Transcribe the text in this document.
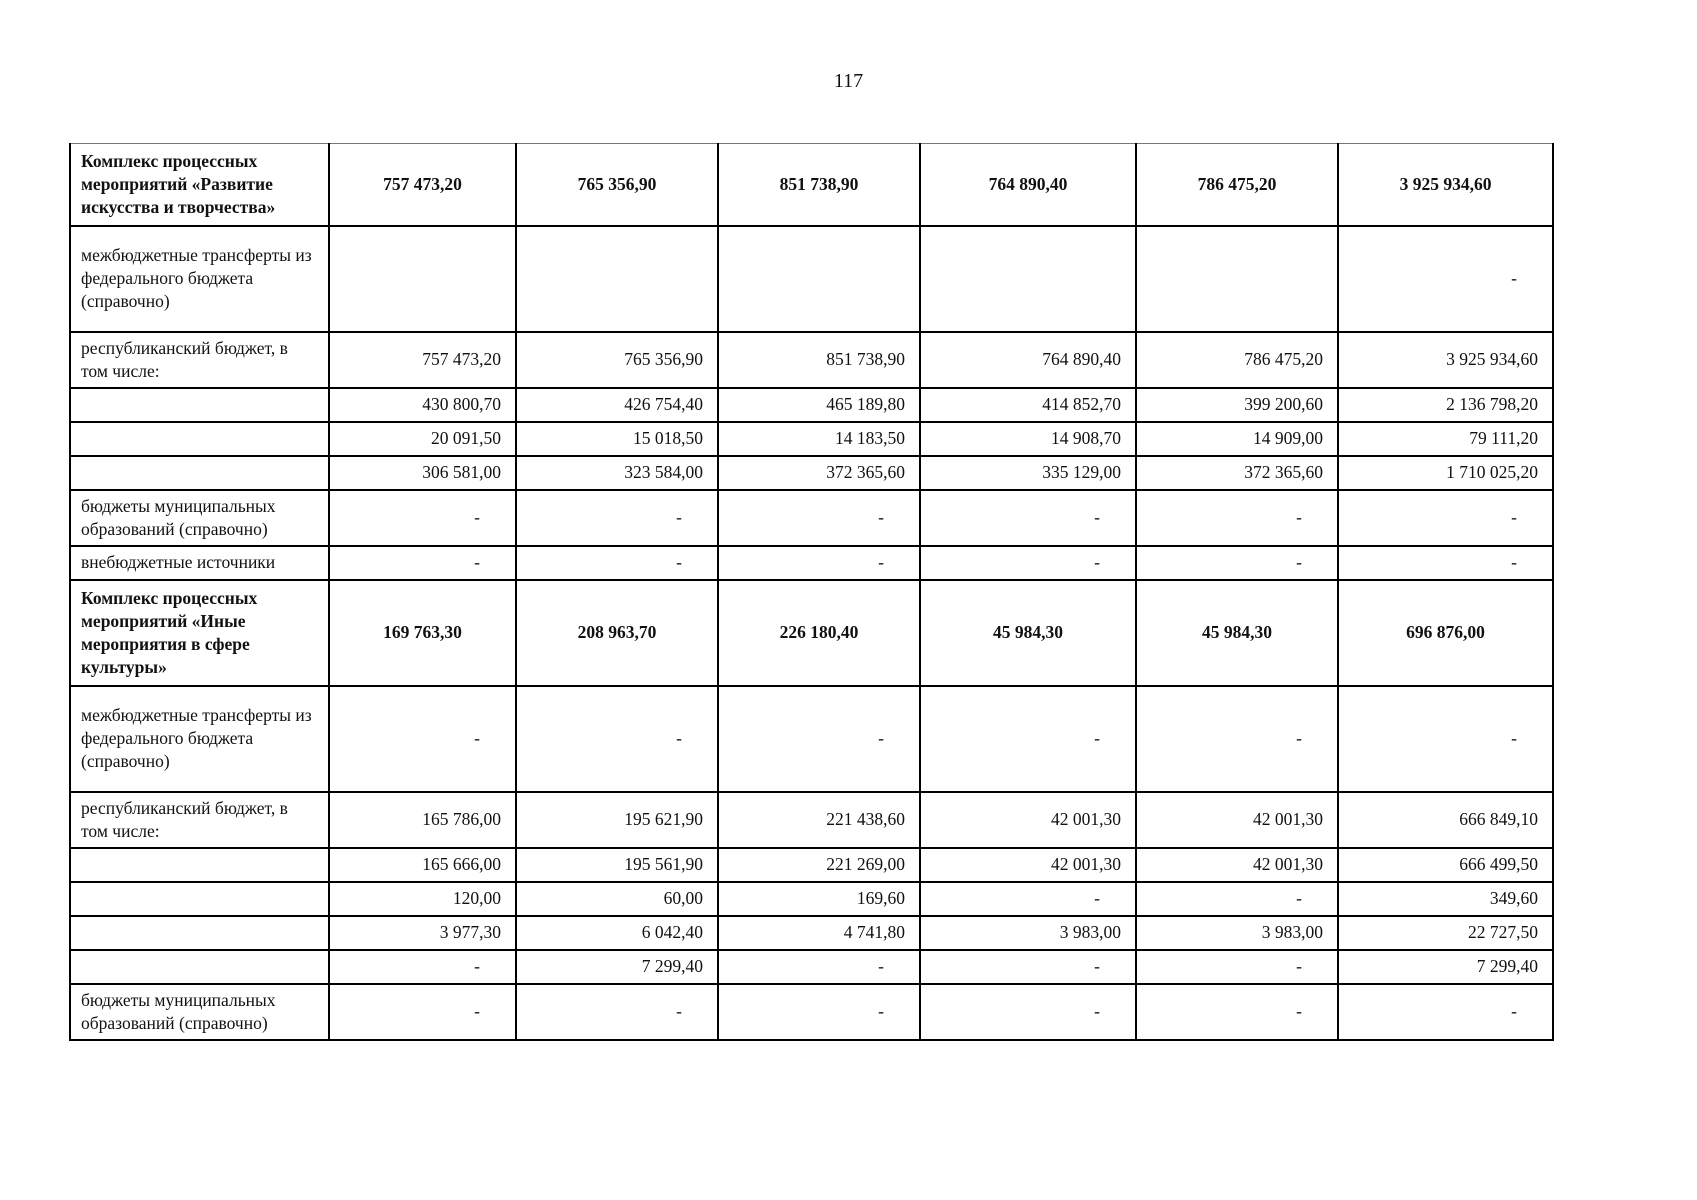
117
Комплекс процессных мероприятий «Развитие искусства и творчества»	757 473,20	765 356,90	851 738,90	764 890,40	786 475,20	3 925 934,60
межбюджетные трансферты из федерального бюджета (справочно)						-
республиканский бюджет, в том числе:	757 473,20	765 356,90	851 738,90	764 890,40	786 475,20	3 925 934,60
	430 800,70	426 754,40	465 189,80	414 852,70	399 200,60	2 136 798,20
	20 091,50	15 018,50	14 183,50	14 908,70	14 909,00	79 111,20
	306 581,00	323 584,00	372 365,60	335 129,00	372 365,60	1 710 025,20
бюджеты муниципальных образований (справочно)	-	-	-	-	-	-
внебюджетные источники	-	-	-	-	-	-
Комплекс процессных мероприятий «Иные мероприятия в сфере культуры»	169 763,30	208 963,70	226 180,40	45 984,30	45 984,30	696 876,00
межбюджетные трансферты из федерального бюджета (справочно)	-	-	-	-	-	-
республиканский бюджет, в том числе:	165 786,00	195 621,90	221 438,60	42 001,30	42 001,30	666 849,10
	165 666,00	195 561,90	221 269,00	42 001,30	42 001,30	666 499,50
	120,00	60,00	169,60	-	-	349,60
	3 977,30	6 042,40	4 741,80	3 983,00	3 983,00	22 727,50
	-	7 299,40	-	-	-	7 299,40
бюджеты муниципальных образований (справочно)	-	-	-	-	-	-
